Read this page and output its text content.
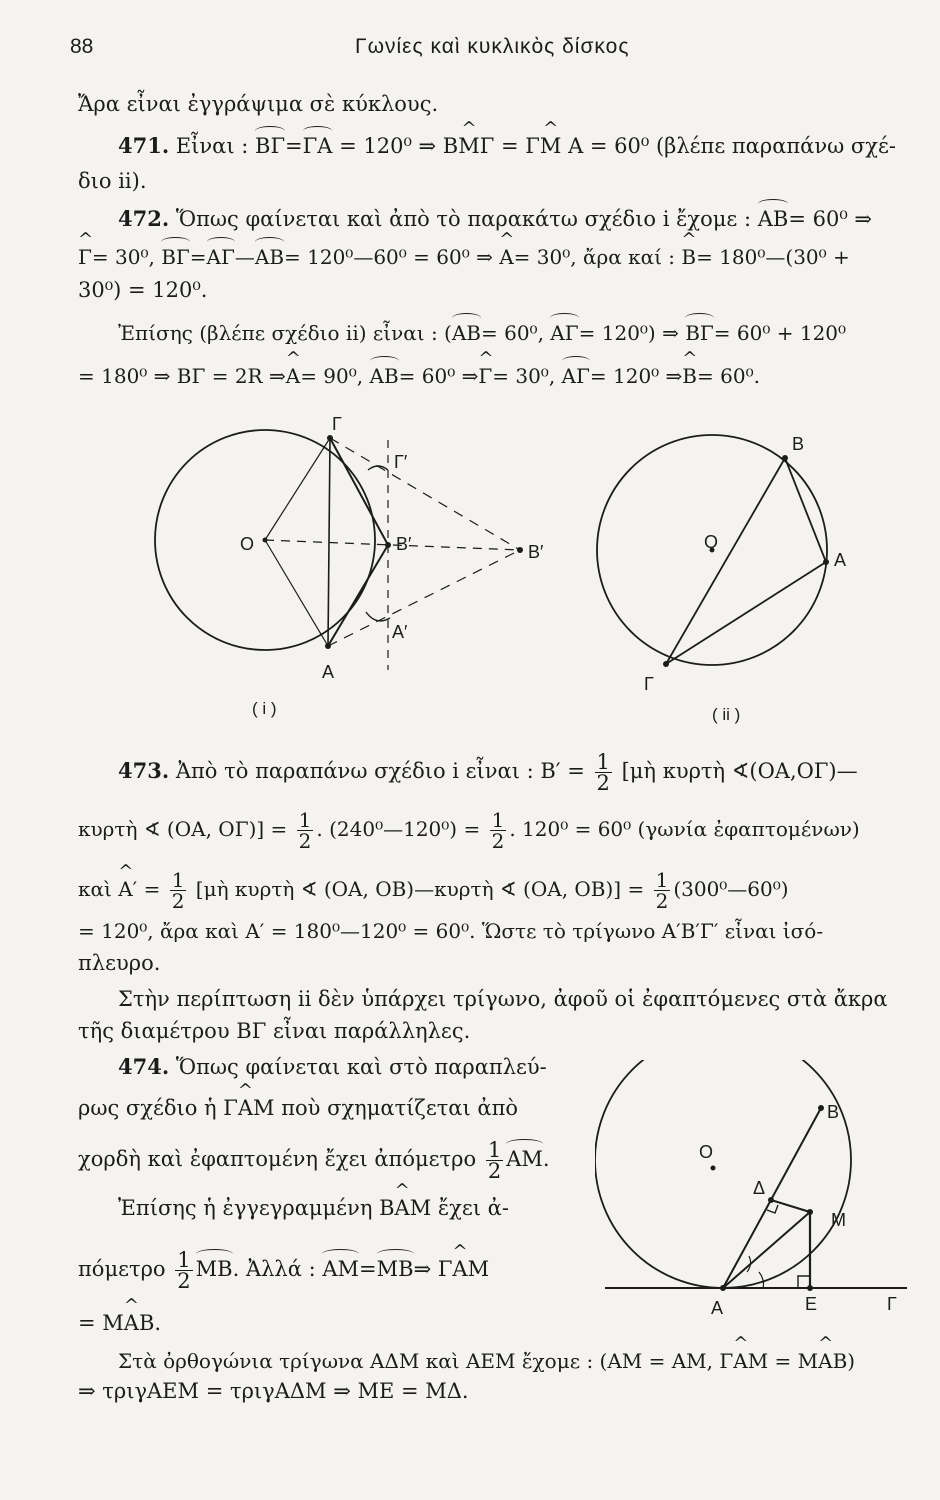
88	Γωνίες καὶ κυκλικὸς δίσκος
Ἄρα εἶναι ἐγγράψιμα σὲ κύκλους.
471. Εἶναι : ΒΓ=ΓΑ = 120⁰ ⇒ Β^ ΜΓ = Γ^ Μ Α = 60⁰ (βλέπε παραπάνω σχέ-
διο ii).
472. Ὅπως φαίνεται καὶ ἀπὸ τὸ παρακάτω σχέδιο i ἔχομε : ΑΒ= 60⁰ ⇒
^ Γ= 30⁰, ΒΓ=ΑΓ—ΑΒ= 120⁰—60⁰ = 60⁰ ⇒ ^ Α= 30⁰, ἄρα καί : ^ Β= 180⁰—(30⁰ +
30⁰) = 120⁰.
Ἐπίσης (βλέπε σχέδιο ii) εἶναι : (ΑΒ= 60⁰, ΑΓ= 120⁰) ⇒ ΒΓ= 60⁰ + 120⁰
= 180⁰ ⇒ ΒΓ = 2R ⇒^ Α= 90⁰, ΑΒ= 60⁰ ⇒^ Γ= 30⁰, ΑΓ= 120⁰ ⇒^ Β= 60⁰.
Γ
Γ′
Ο	Β′	Β′
Α′
Α
( i )
Β
Ο
Α
Γ
( ii )
473. Ἀπὸ τὸ παραπάνω σχέδιο i εἶναι : $B' = \frac{1}{2}$ [μὴ κυρτὴ ∢(ΟΑ,ΟΓ)—
κυρτὴ ∢ (ΟΑ, $O\Gamma)] = \frac{1}{2}$ . (240⁰—120⁰) = $\frac{1}{2}$ . 120⁰ = 60⁰ (γωνία ἐφαπτομένων)
καὶ ^ $A' = \frac{1}{2}$ [μὴ κυρτὴ ∢ (ΟΑ, ΟΒ)—κυρτὴ ∢ (ΟΑ, $OB)] = \frac{1}{2}$ (300⁰—60⁰)
= 120⁰, ἄρα καὶ Α′ = 180⁰—120⁰ = 60⁰. Ὥστε τὸ τρίγωνο Α′Β′Γ′ εἶναι ἰσό-
πλευρο.
Στὴν περίπτωση ii δὲν ὑπάρχει τρίγωνο, ἀφοῦ οἱ ἐφαπτόμενες στὰ ἄκρα
τῆς διαμέτρου ΒΓ εἶναι παράλληλες.
474. Ὅπως φαίνεται καὶ στὸ παραπλεύ-
ρως σχέδιο ἡ Γ^ ΑΜ ποὺ σχηματίζεται ἀπὸ
χορδὴ καὶ ἐφαπτομένη ἔχει ἀπόμετρο $\frac{1}{2} AM$.
Ἐπίσης ἡ ἐγγεγραμμένη Β^ ΑΜ ἔχει ἀ-
πόμετρο $\frac{1}{2} MB$. Ἀλλά : ΑΜ=ΜΒ⇒ Γ^ ΑΜ
= Μ^ ΑΒ.
Στὰ ὀρθογώνια τρίγωνα ΑΔΜ καὶ ΑΕΜ ἔχομε : (ΑΜ = ΑΜ, Γ^ ΑΜ = Μ^ ΑΒ)
⇒ τριγΑΕΜ = τριγΑΔΜ ⇒ ΜΕ = ΜΔ.
Ο
Β
Δ
Μ
Α	Ε	Γ
